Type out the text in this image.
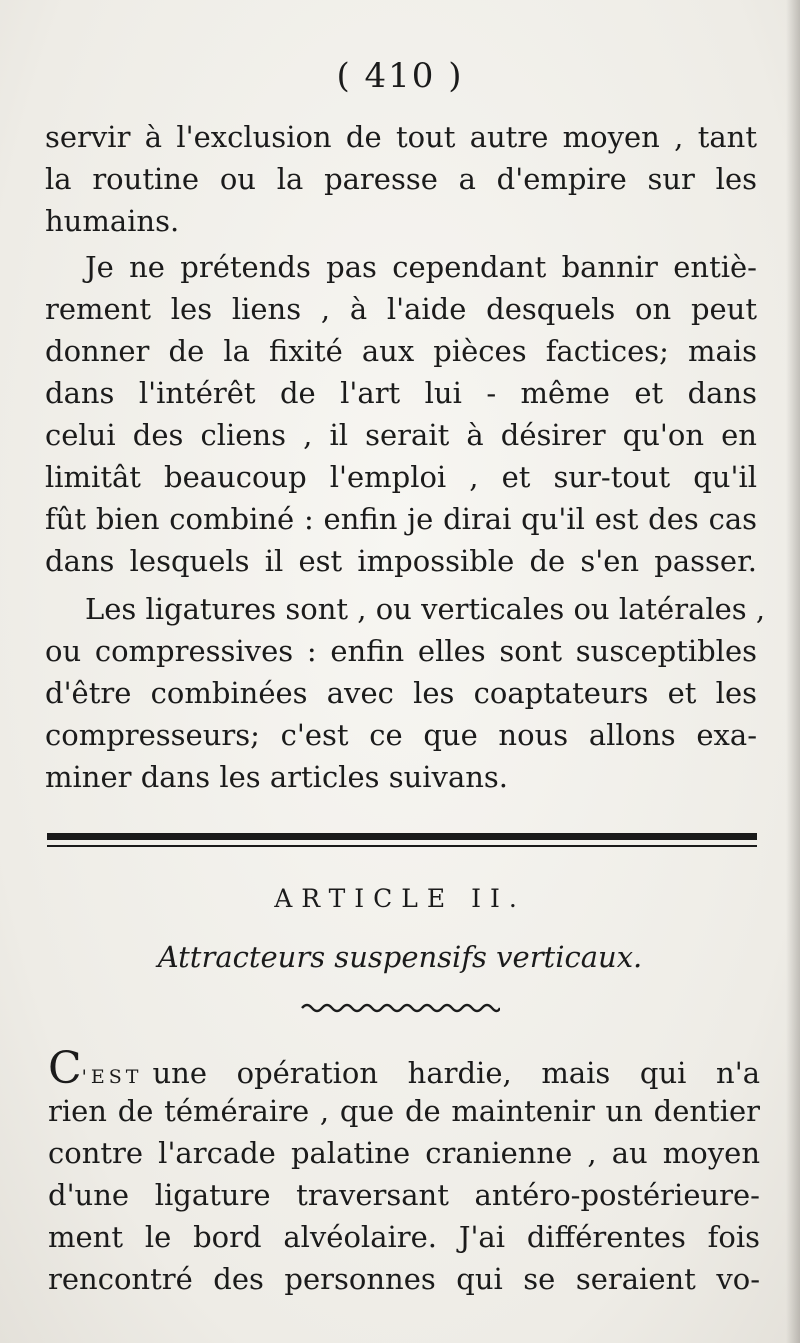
( 410 )
servir à l'exclusion de tout autre moyen , tant
la routine ou la paresse a d'empire sur les
humains.
Je ne prétends pas cependant bannir entiè-
rement les liens , à l'aide desquels on peut
donner de la fixité aux pièces factices; mais
dans l'intérêt de l'art lui - même et dans
celui des cliens , il serait à désirer qu'on en
limitât beaucoup l'emploi , et sur-tout qu'il
fût bien combiné : enfin je dirai qu'il est des cas
dans lesquels il est impossible de s'en passer.
Les ligatures sont , ou verticales ou latérales ,
ou compressives : enfin elles sont susceptibles
d'être combinées avec les coaptateurs et les
compresseurs; c'est ce que nous allons exa-
miner dans les articles suivans.
ARTICLE II.
Attracteurs suspensifs verticaux.
C'EST une opération hardie, mais qui n'a
rien de téméraire , que de maintenir un dentier
contre l'arcade palatine cranienne , au moyen
d'une ligature traversant antéro-postérieure-
ment le bord alvéolaire. J'ai différentes fois
rencontré des personnes qui se seraient vo-
